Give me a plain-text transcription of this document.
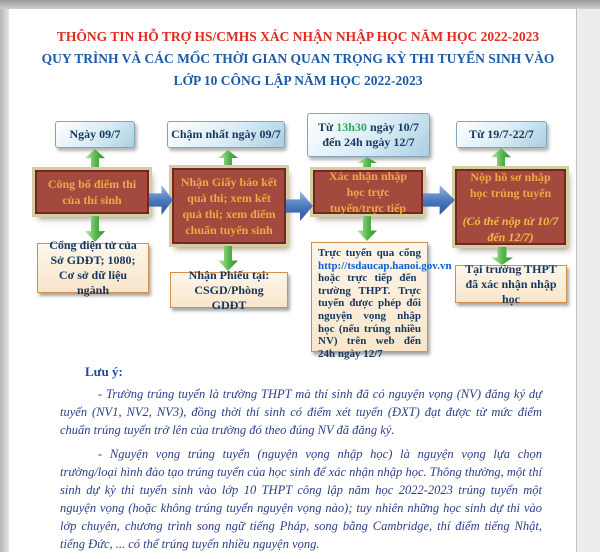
THÔNG TIN HỖ TRỢ HS/CMHS XÁC NHẬN NHẬP HỌC NĂM HỌC 2022-2023
QUY TRÌNH VÀ CÁC MỐC THỜI GIAN QUAN TRỌNG KỲ THI TUYỂN SINH VÀO
LỚP 10 CÔNG LẬP NĂM HỌC 2022-2023
Ngày 09/7	Chậm nhất ngày 09/7	Từ 13h30 ngày 10/7 đến 24h ngày 12/7
Từ 19/7-22/7
Công bố điểm thi của thí sinh
Nhận Giấy báo kết quả thi; xem kết quả thi; xem điểm chuẩn tuyển sinh
Xác nhận nhập học trực tuyến/trực tiếp
Nộp hồ sơ nhập học trúng tuyển
(Có thể nộp từ 10/7 đến 12/7)
Cổng điện tử của Sở GDĐT; 1080; Cơ sở dữ liệu ngành
Nhận Phiếu tại:
CSGD/Phòng GDĐT
Trực tuyến qua cổng http://tsdaucap.hanoi.gov.vn hoặc trực tiếp đến trường THPT. Trực tuyến được phép đổi nguyện vọng nhập học (nếu trúng nhiều NV) trên web đến 24h ngày 12/7
Tại trường THPT đã xác nhận nhập học
Lưu ý:

- Trường trúng tuyển là trường THPT mà thí sinh đã có nguyện vọng (NV) đăng ký dự tuyển (NV1, NV2, NV3), đồng thời thí sinh có điểm xét tuyển (ĐXT) đạt được từ mức điểm chuẩn trúng tuyển trở lên của trường đó theo đúng NV đã đăng ký.

- Nguyện vọng trúng tuyển (nguyện vọng nhập học) là nguyện vọng lựa chọn trường/loại hình đào tạo trúng tuyển của học sinh để xác nhận nhập học. Thông thường, một thí sinh dự kỳ thi tuyển sinh vào lớp 10 THPT công lập năm học 2022-2023 trúng tuyển một nguyện vọng (hoặc không trúng tuyển nguyện vọng nào); tuy nhiên những học sinh dự thi vào lớp chuyên, chương trình song ngữ tiếng Pháp, song bằng Cambridge, thí điểm tiếng Nhật, tiếng Đức, ... có thể trúng tuyển nhiều nguyện vọng.
